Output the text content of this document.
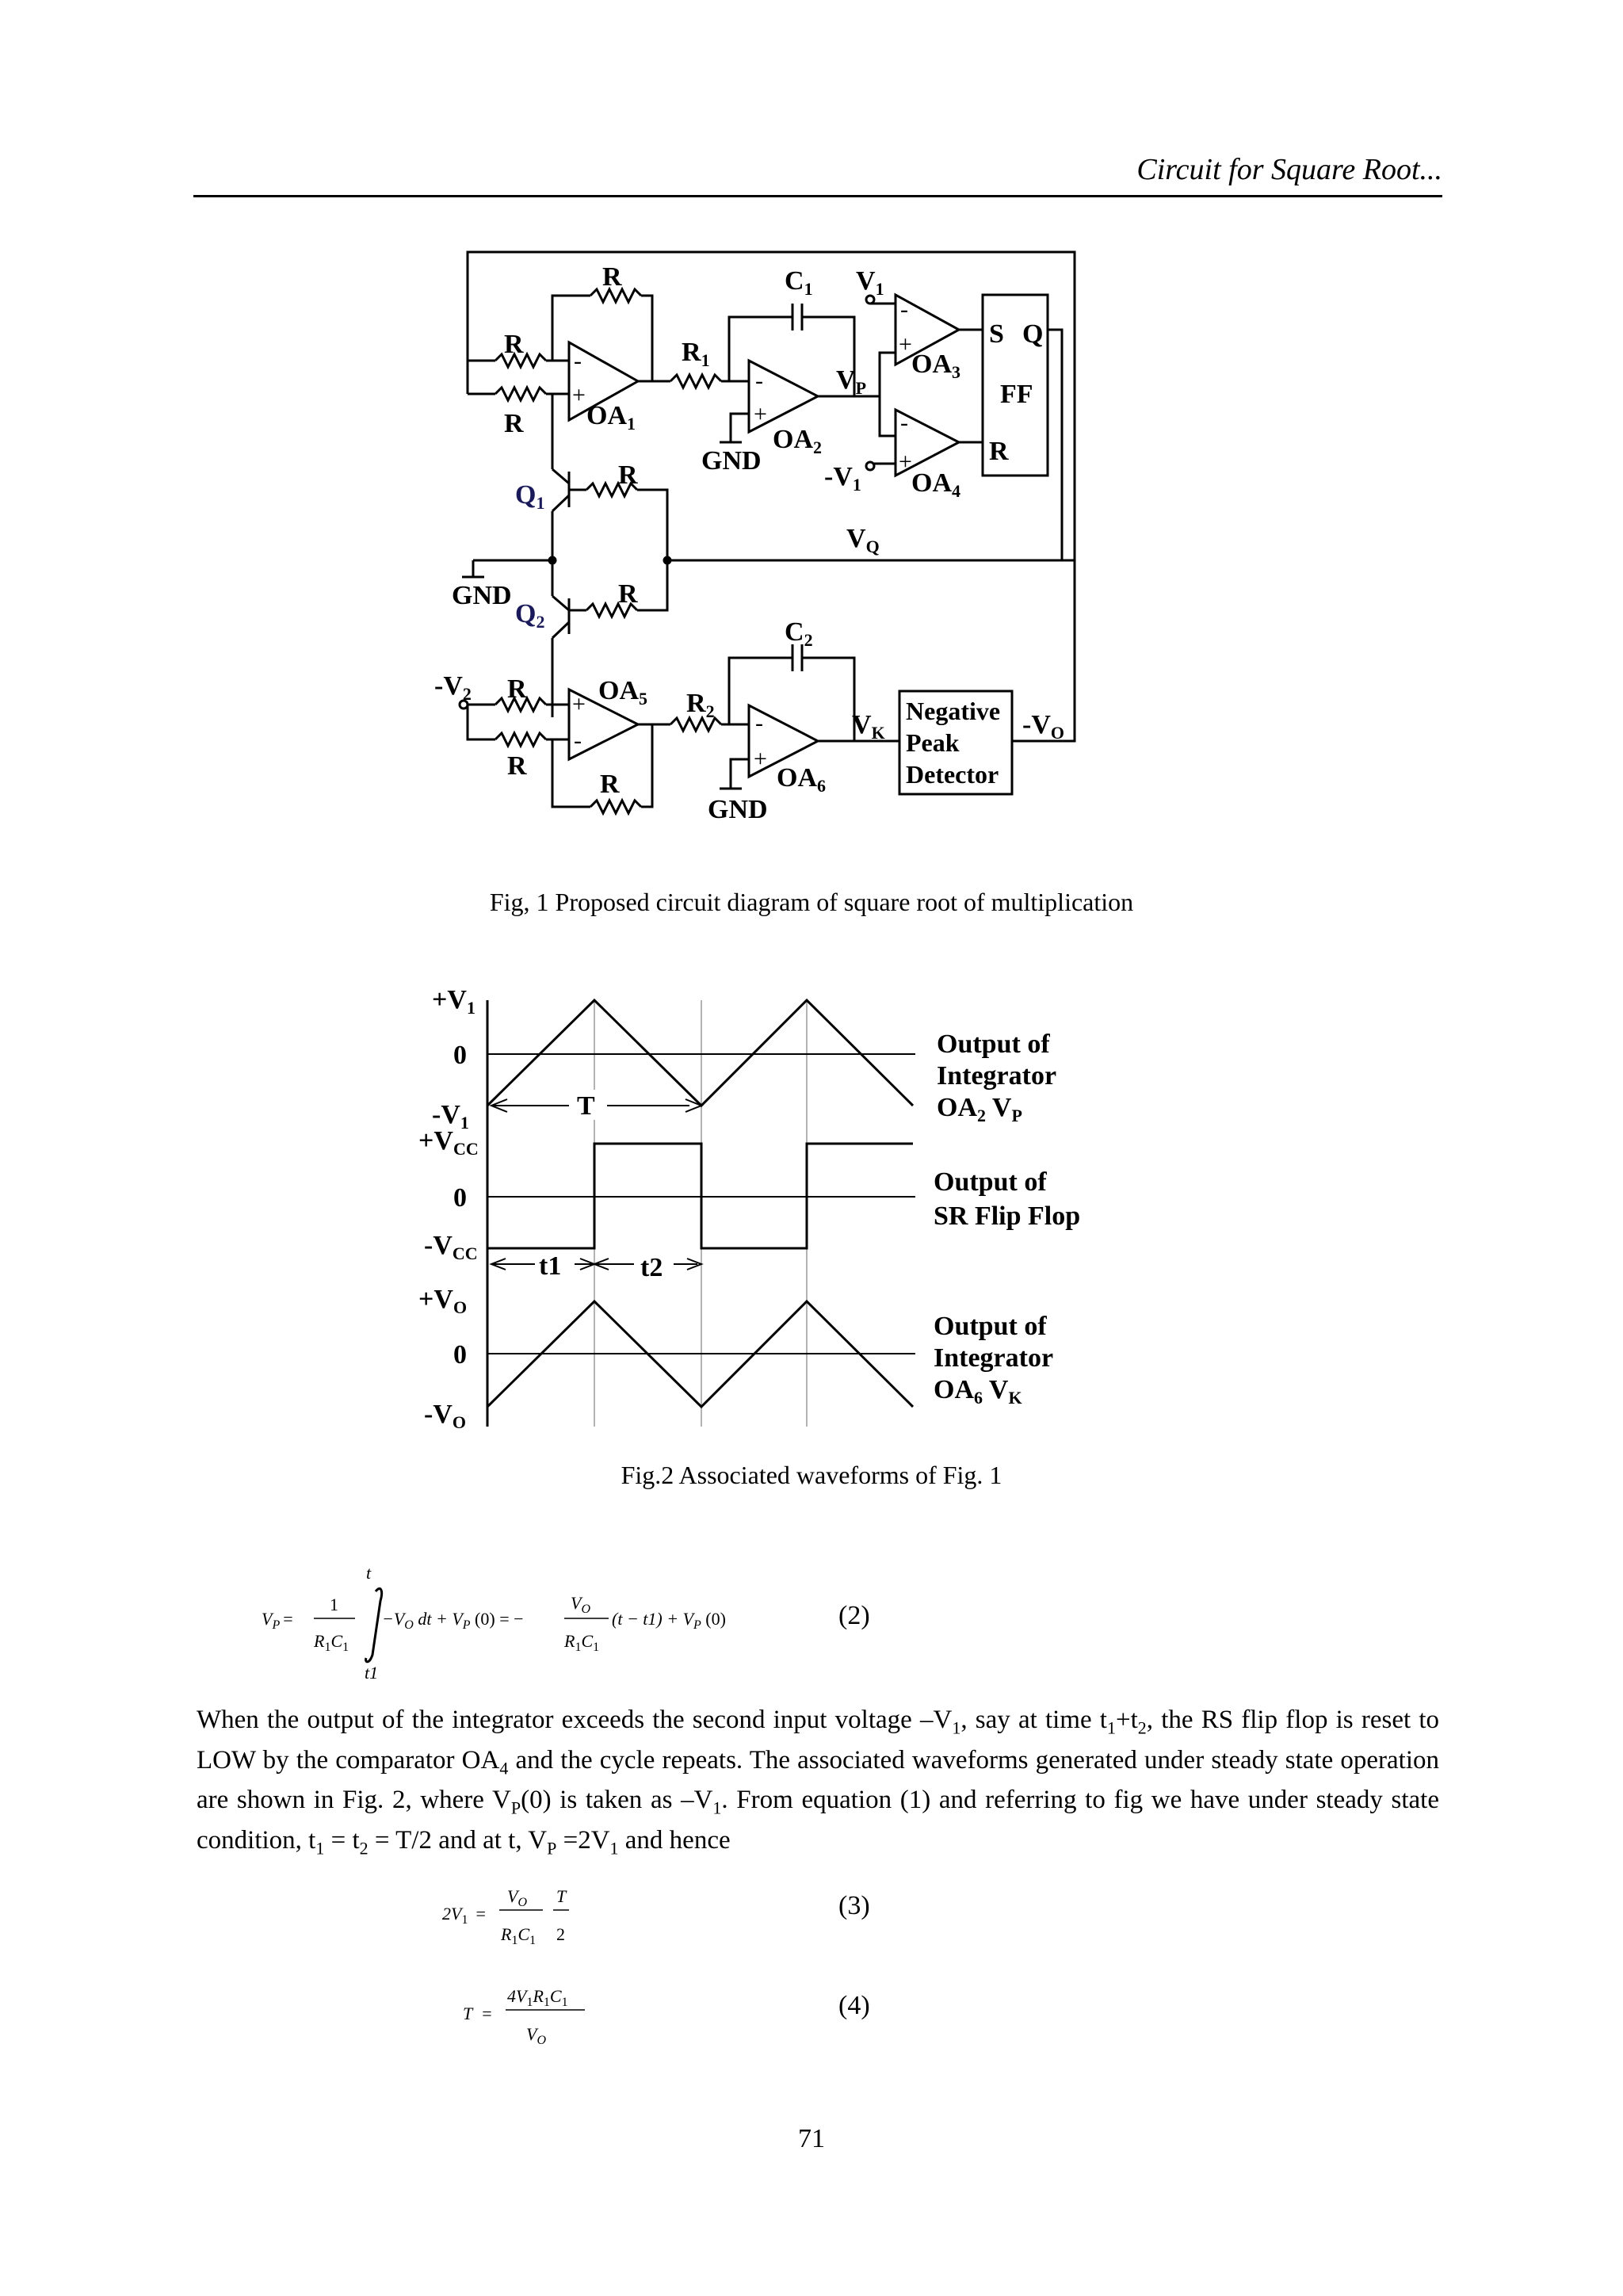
Circuit for Square Root...
R
R
R
R
R
R
R
R
$R_1$
$R_2$
$C_1$
$C_2$
$V_1$
$-V_1$
$V_P$
$V_Q$
$V_K$	$-V_O$
$-V_2$
$OA_1$
$OA_2$
$OA_3$
$OA_4$
$OA_5$
$OA_6$
$Q_1$
$Q_2$
GND
GND
GND
S Q
FF
R
Negative
Peak
Detector
-
+
-
+
-
+
-
+
+
-
-
+
Fig, 1 Proposed circuit diagram of square root of multiplication
T
t1	t2
$+V_1$
0
$-V_1$
$+V_{CC}$
0
$-V_{CC}$
$+V_O$
0
$-V_O$
Output of
Integrator
$OA_2$ $V_P$
Output of
SR Flip Flop
Output of
Integrator
$OA_6$ $V_K$
Fig.2 Associated waveforms of Fig. 1
$V_P$ =
1
$R_1C_1$
t
t1
$-V_O$ dt + $V_P$ (0) = −
$V_O$
$R_1C_1$
$(t - t1) + V_P$ (0)	(2)
When the output of the integrator exceeds the second input voltage $-V_1$, say at time $t_1+t_2$, the RS flip flop is reset to LOW by the comparator $OA_4$ and the cycle repeats. The associated waveforms generated under steady state operation are shown in Fig. 2, where $V_P(0)$ is taken as $-V_1$. From equation (1) and referring to fig we have under steady state condition, $t_1 = t_2 = T/2$ and at t, $V_P =2V_1$ and hence
$2V_1$ =
$V_O$
$R_1C_1$
T
2
T =
$4V_1R_1C_1$
$V_O$
(3)
(4)
71
